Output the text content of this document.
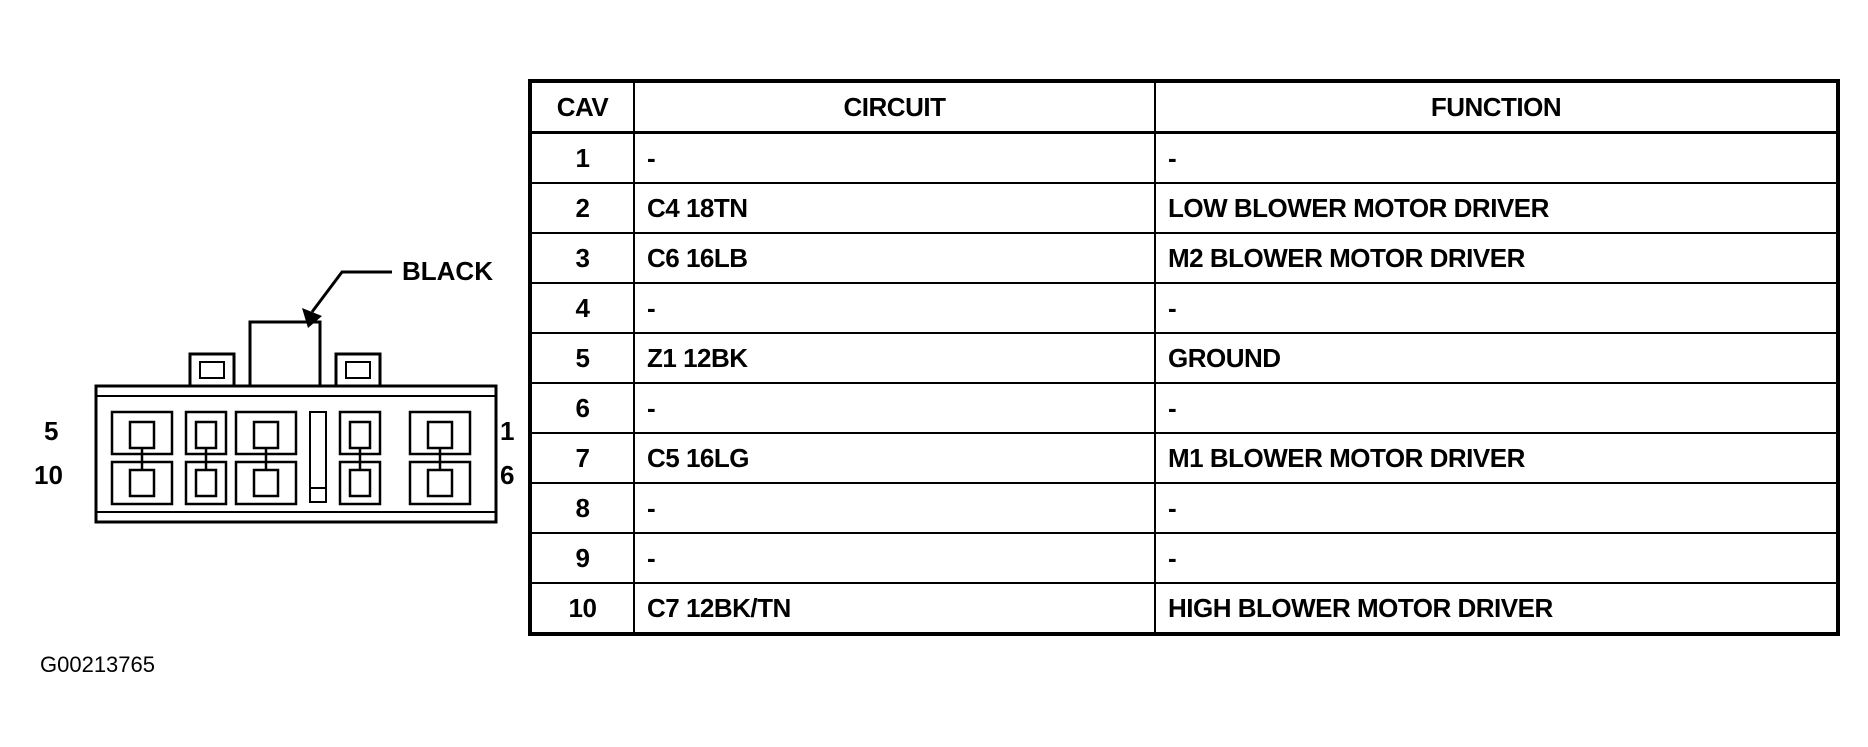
BLACK
5
10
1
6
CAV	CIRCUIT	FUNCTION
1	-	-
2	C4 18TN	LOW BLOWER MOTOR DRIVER
3	C6 16LB	M2 BLOWER MOTOR DRIVER
4	-	-
5	Z1 12BK	GROUND
6	-	-
7	C5 16LG	M1 BLOWER MOTOR DRIVER
8	-	-
9	-	-
10	C7 12BK/TN	HIGH BLOWER MOTOR DRIVER
G00213765
